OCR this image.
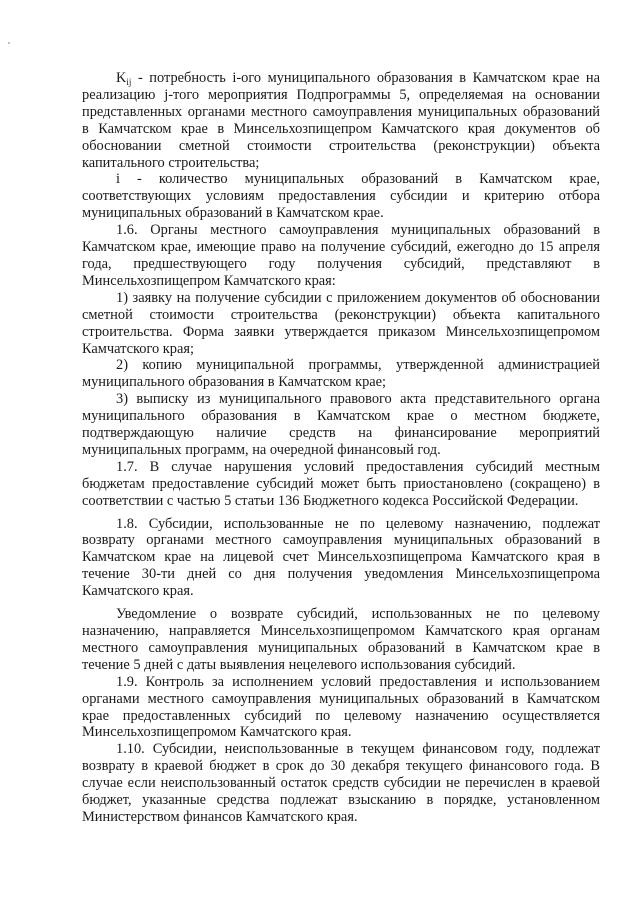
$K_{ij}$ - потребность i-ого муниципального образования в Камчатском крае на реализацию j-того мероприятия Подпрограммы 5, определяемая на основании представленных органами местного самоуправления муниципальных образований в Камчатском крае в Минсельхозпищепром Камчатского края документов об обосновании сметной стоимости строительства (реконструкции) объекта капитального строительства;

i - количество муниципальных образований в Камчатском крае, соответствующих условиям предоставления субсидии и критерию отбора муниципальных образований в Камчатском крае.

1.6. Органы местного самоуправления муниципальных образований в Камчатском крае, имеющие право на получение субсидий, ежегодно до 15 апреля года, предшествующего году получения субсидий, представляют в Минсельхозпищепром Камчатского края:

1) заявку на получение субсидии с приложением документов об обосновании сметной стоимости строительства (реконструкции) объекта капитального строительства. Форма заявки утверждается приказом Минсельхозпищепромом Камчатского края;

2) копию муниципальной программы, утвержденной администрацией муниципального образования в Камчатском крае;

3) выписку из муниципального правового акта представительного органа муниципального образования в Камчатском крае о местном бюджете, подтверждающую наличие средств на финансирование мероприятий муниципальных программ, на очередной финансовый год.

1.7. В случае нарушения условий предоставления субсидий местным бюджетам предоставление субсидий может быть приостановлено (сокращено) в соответствии с частью 5 статьи 136 Бюджетного кодекса Российской Федерации.

1.8. Субсидии, использованные не по целевому назначению, подлежат возврату органами местного самоуправления муниципальных образований в Камчатском крае на лицевой счет Минсельхозпищепрома Камчатского края в течение 30-ти дней со дня получения уведомления Минсельхозпищепрома Камчатского края.

Уведомление о возврате субсидий, использованных не по целевому назначению, направляется Минсельхозпищепромом Камчатского края органам местного самоуправления муниципальных образований в Камчатском крае в течение 5 дней с даты выявления нецелевого использования субсидий.

1.9. Контроль за исполнением условий предоставления и использованием органами местного самоуправления муниципальных образований в Камчатском крае предоставленных субсидий по целевому назначению осуществляется Минсельхозпищепромом Камчатского края.

1.10. Субсидии, неиспользованные в текущем финансовом году, подлежат возврату в краевой бюджет в срок до 30 декабря текущего финансового года. В случае если неиспользованный остаток средств субсидии не перечислен в краевой бюджет, указанные средства подлежат взысканию в порядке, установленном Министерством финансов Камчатского края.
